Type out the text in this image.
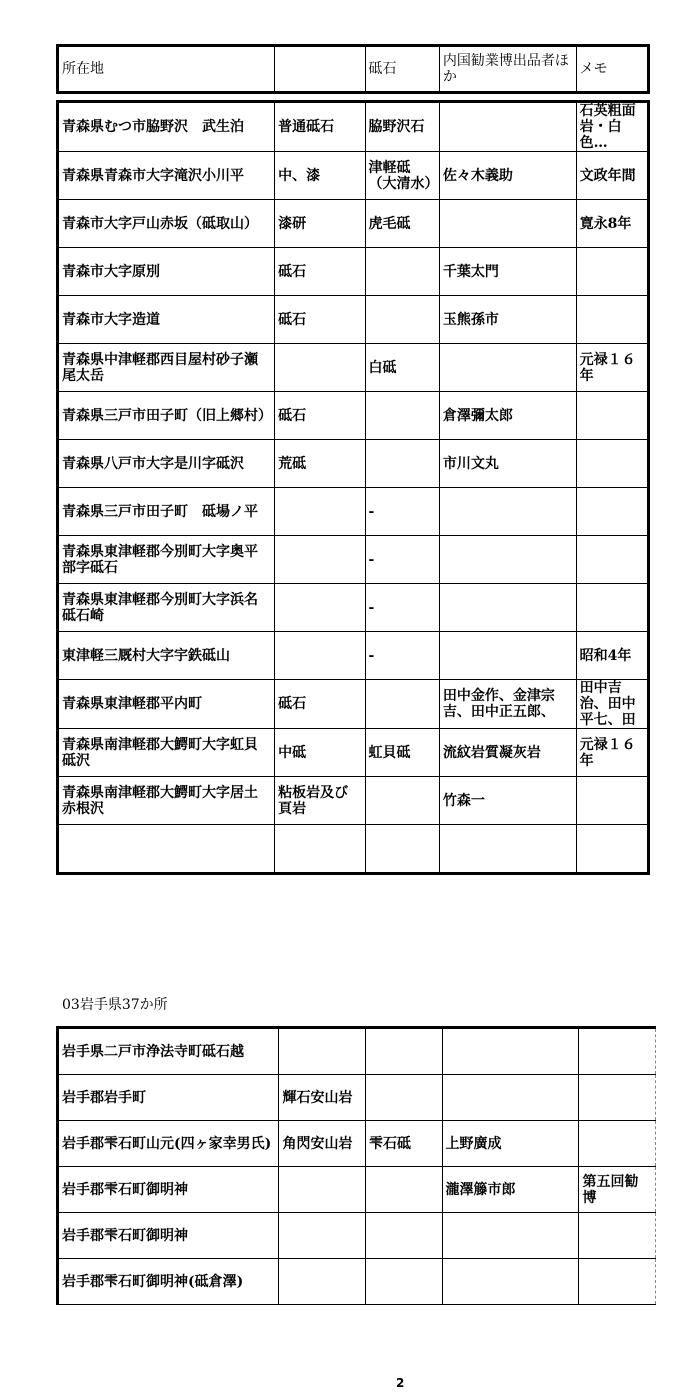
所在地		砥石	内国勧業博出品者ほか	メモ
青森県むつ市脇野沢　武生泊	普通砥石	脇野沢石		石英粗面岩・白色…
青森県青森市大字滝沢小川平	中、漆	津軽砥（大清水）	佐々木義助	文政年間
青森市大字戸山赤坂（砥取山）	漆研	虎毛砥		寛永8年
青森市大字原別	砥石		千葉太門	
青森市大字造道	砥石		玉熊孫市	
青森県中津軽郡西目屋村砂子瀬尾太岳		白砥		元禄１６年
青森県三戸市田子町（旧上郷村）	砥石		倉澤彌太郎	
青森県八戸市大字是川字砥沢	荒砥		市川文丸	
青森県三戸市田子町　砥場ノ平		-		
青森県東津軽郡今別町大字奥平部字砥石		-		
青森県東津軽郡今別町大字浜名　砥石崎		-		
東津軽三厩村大字宇鉄砥山		-		昭和4年
青森県東津軽郡平内町	砥石		田中金作、金津宗吉、田中正五郎、	田中吉治、田中平七、田
青森県南津軽郡大鰐町大字虹貝砥沢	中砥	虹貝砥	流紋岩質凝灰岩	元禄１６年
青森県南津軽郡大鰐町大字居土赤根沢	粘板岩及び頁岩		竹森一	

03岩手県37か所
岩手県二戸市浄法寺町砥石越				
岩手郡岩手町	輝石安山岩			
岩手郡雫石町山元(四ヶ家幸男氏)	角閃安山岩	雫石砥	上野廣成	
岩手郡雫石町御明神			瀧澤籐市郎	第五回勧博
岩手郡雫石町御明神				
岩手郡雫石町御明神(砥倉澤)				
2
